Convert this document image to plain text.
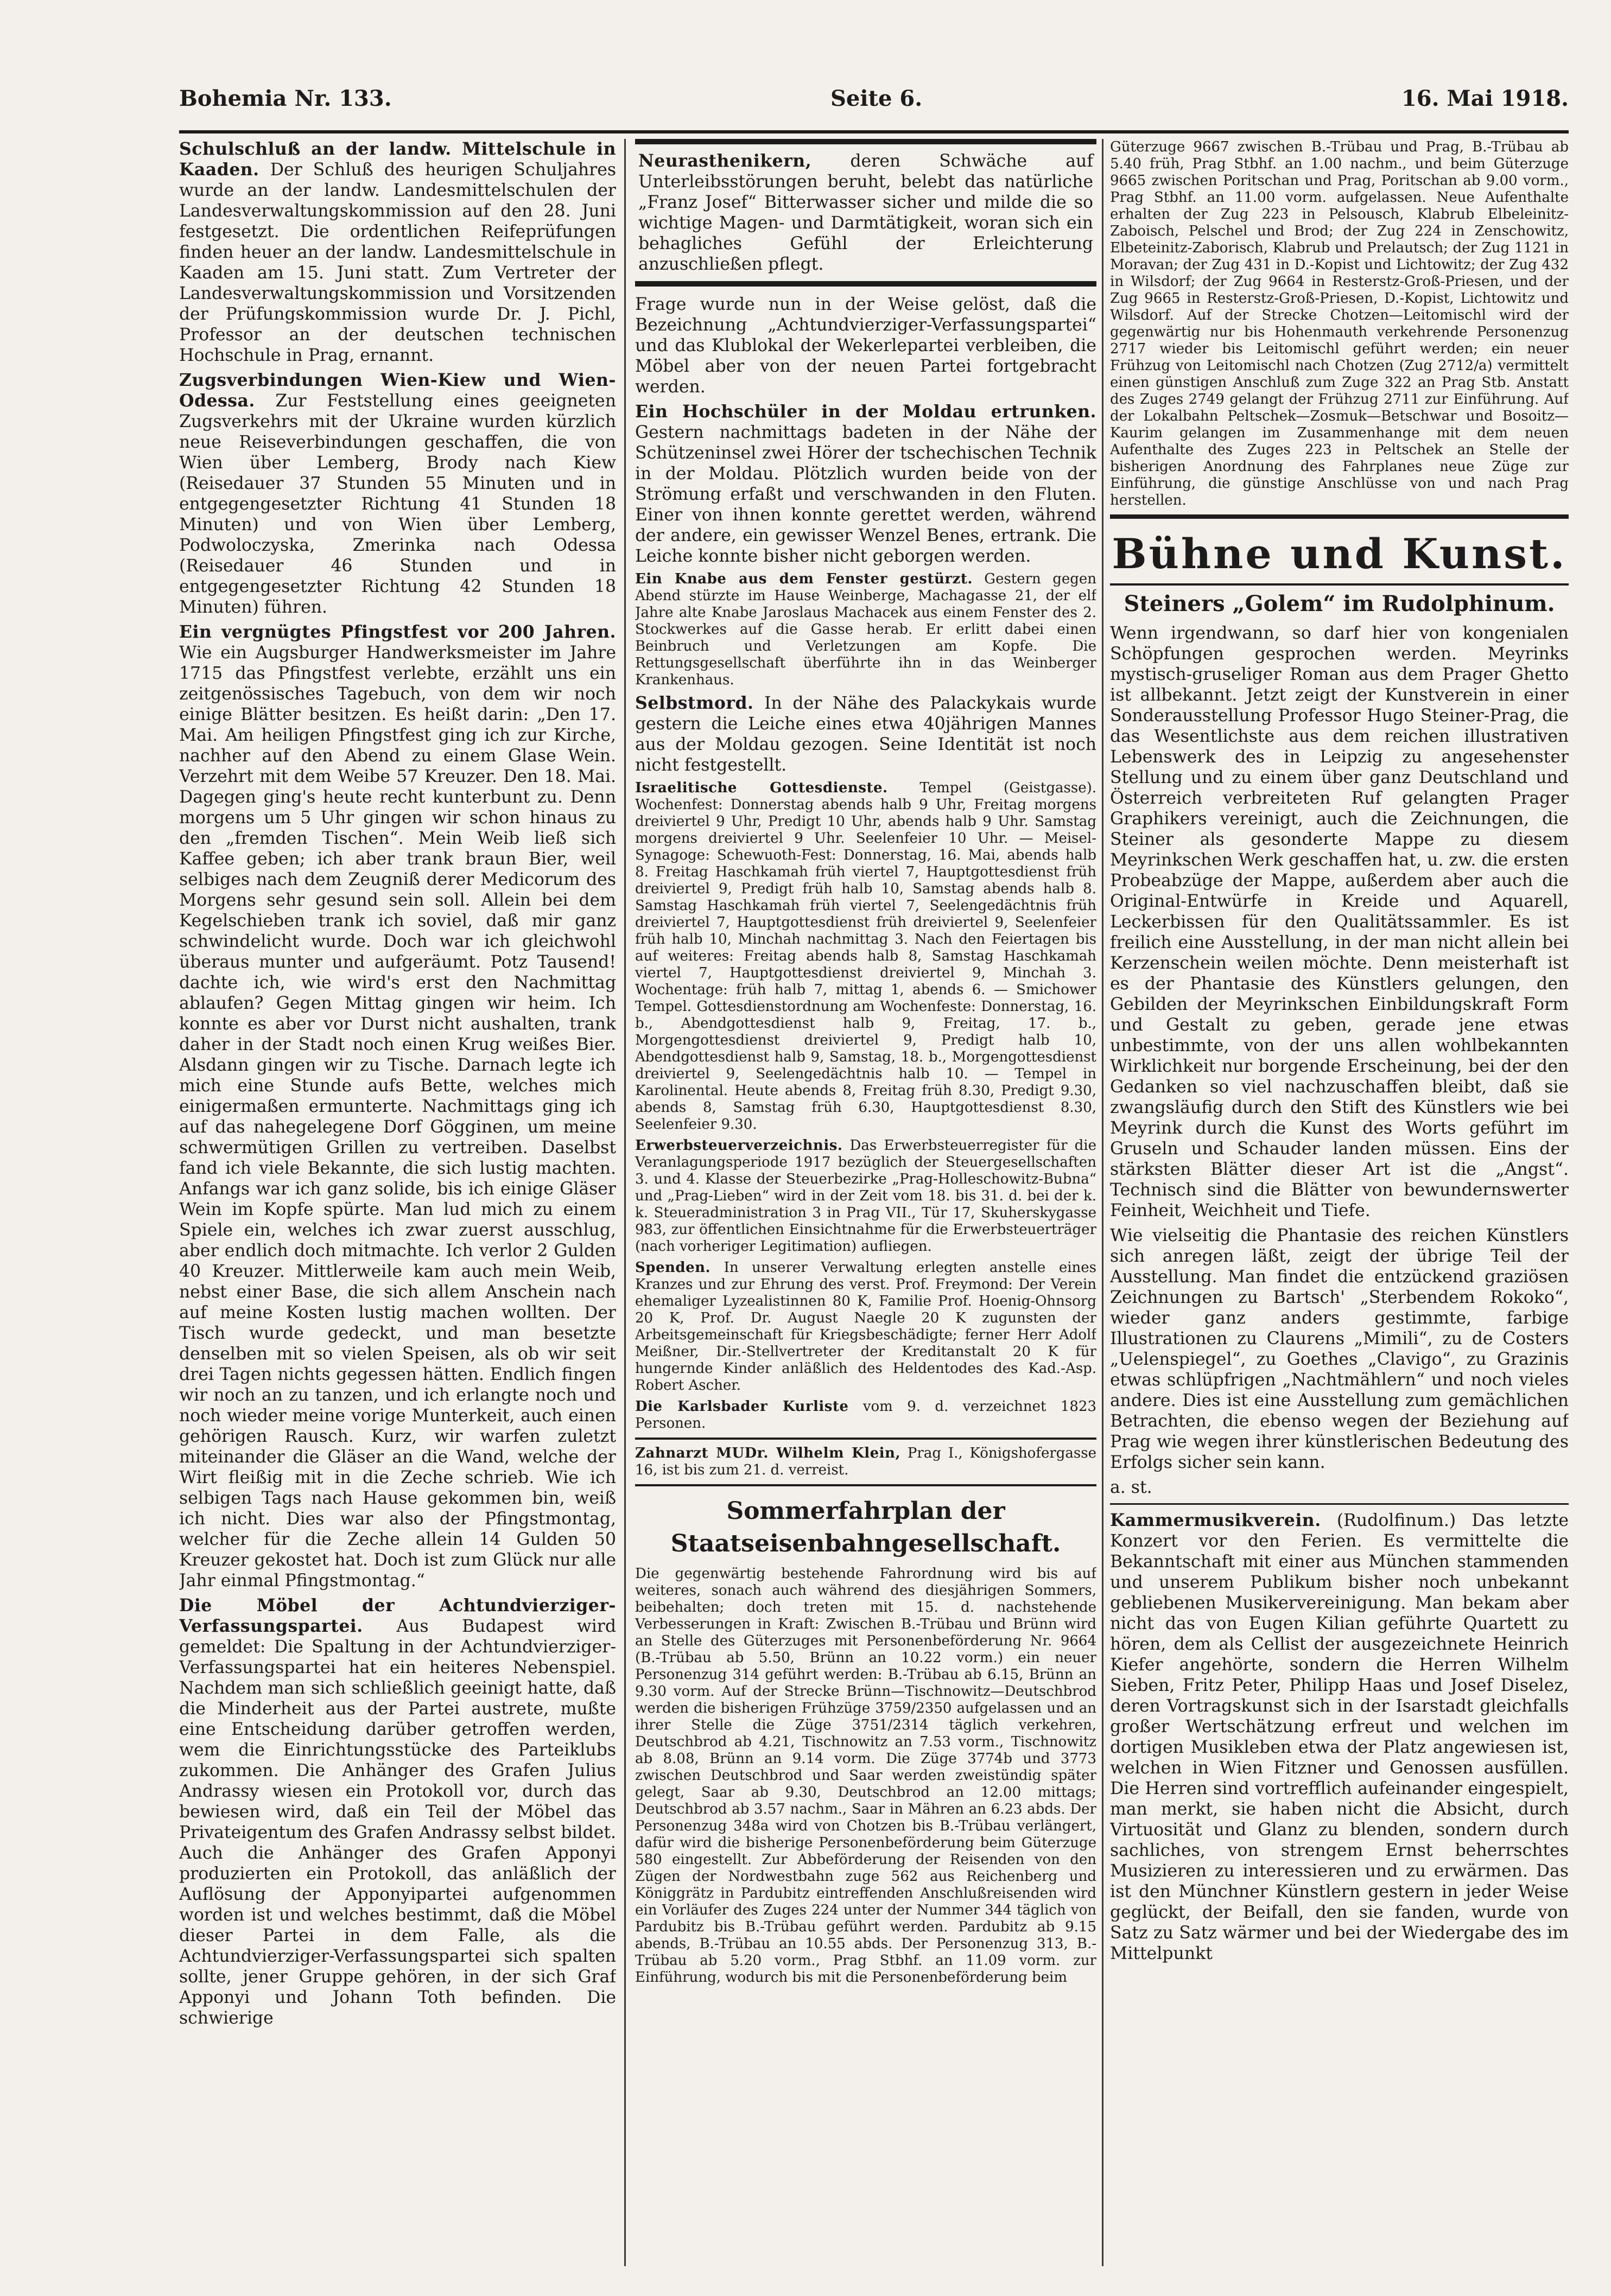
Bohemia Nr. 133.	Seite 6.	16. Mai 1918.

Schulschluß an der landw. Mittelschule in Kaaden. Der Schluß des heurigen Schuljahres wurde an der landw. Landesmittelschulen der Landesverwaltungskommission auf den 28. Juni festgesetzt. Die ordentlichen Reifeprüfungen finden heuer an der landw. Landesmittelschule in Kaaden am 15. Juni statt. Zum Vertreter der Landesverwaltungskommission und Vorsitzenden der Prüfungskommission wurde Dr. J. Pichl, Professor an der deutschen technischen Hochschule in Prag, ernannt.

Zugsverbindungen Wien-Kiew und Wien-Odessa. Zur Feststellung eines geeigneten Zugsverkehrs mit der Ukraine wurden kürzlich neue Reiseverbindungen geschaffen, die von Wien über Lemberg, Brody nach Kiew (Reisedauer 37 Stunden 55 Minuten und in entgegengesetzter Richtung 41 Stunden 18 Minuten) und von Wien über Lemberg, Podwoloczyska, Zmerinka nach Odessa (Reisedauer 46 Stunden und in entgegengesetzter Richtung 42 Stunden 18 Minuten) führen.

Ein vergnügtes Pfingstfest vor 200 Jahren. Wie ein Augsburger Handwerksmeister im Jahre 1715 das Pfingstfest verlebte, erzählt uns ein zeitgenössisches Tagebuch, von dem wir noch einige Blätter besitzen. Es heißt darin: „Den 17. Mai. Am heiligen Pfingstfest ging ich zur Kirche, nachher auf den Abend zu einem Glase Wein. Verzehrt mit dem Weibe 57 Kreuzer. Den 18. Mai. Dagegen ging's heute recht kunterbunt zu. Denn morgens um 5 Uhr gingen wir schon hinaus zu den „fremden Tischen“. Mein Weib ließ sich Kaffee geben; ich aber trank braun Bier, weil selbiges nach dem Zeugniß derer Medicorum des Morgens sehr gesund sein soll. Allein bei dem Kegelschieben trank ich soviel, daß mir ganz schwindelicht wurde. Doch war ich gleichwohl überaus munter und aufgeräumt. Potz Tausend! dachte ich, wie wird's erst den Nachmittag ablaufen? Gegen Mittag gingen wir heim. Ich konnte es aber vor Durst nicht aushalten, trank daher in der Stadt noch einen Krug weißes Bier. Alsdann gingen wir zu Tische. Darnach legte ich mich eine Stunde aufs Bette, welches mich einigermaßen ermunterte. Nachmittags ging ich auf das nahegelegene Dorf Gögginen, um meine schwermütigen Grillen zu vertreiben. Daselbst fand ich viele Bekannte, die sich lustig machten. Anfangs war ich ganz solide, bis ich einige Gläser Wein im Kopfe spürte. Man lud mich zu einem Spiele ein, welches ich zwar zuerst ausschlug, aber endlich doch mitmachte. Ich verlor 2 Gulden 40 Kreuzer. Mittlerweile kam auch mein Weib, nebst einer Base, die sich allem Anschein nach auf meine Kosten lustig machen wollten. Der Tisch wurde gedeckt, und man besetzte denselben mit so vielen Speisen, als ob wir seit drei Tagen nichts gegessen hätten. Endlich fingen wir noch an zu tanzen, und ich erlangte noch und noch wieder meine vorige Munterkeit, auch einen gehörigen Rausch. Kurz, wir warfen zuletzt miteinander die Gläser an die Wand, welche der Wirt fleißig mit in die Zeche schrieb. Wie ich selbigen Tags nach Hause gekommen bin, weiß ich nicht. Dies war also der Pfingstmontag, welcher für die Zeche allein 14 Gulden 50 Kreuzer gekostet hat. Doch ist zum Glück nur alle Jahr einmal Pfingstmontag.“

Die Möbel der Achtundvierziger-Verfassungspartei. Aus Budapest wird gemeldet: Die Spaltung in der Achtundvierziger-Verfassungspartei hat ein heiteres Nebenspiel. Nachdem man sich schließlich geeinigt hatte, daß die Minderheit aus der Partei austrete, mußte eine Entscheidung darüber getroffen werden, wem die Einrichtungsstücke des Parteiklubs zukommen. Die Anhänger des Grafen Julius Andrassy wiesen ein Protokoll vor, durch das bewiesen wird, daß ein Teil der Möbel das Privateigentum des Grafen Andrassy selbst bildet. Auch die Anhänger des Grafen Apponyi produzierten ein Protokoll, das anläßlich der Auflösung der Apponyipartei aufgenommen worden ist und welches bestimmt, daß die Möbel dieser Partei in dem Falle, als die Achtundvierziger-Verfassungspartei sich spalten sollte, jener Gruppe gehören, in der sich Graf Apponyi und Johann Toth befinden. Die schwierige

Neurasthenikern, deren Schwäche auf Unterleibsstörungen beruht, belebt das natürliche „Franz Josef“ Bitterwasser sicher und milde die so wichtige Magen- und Darmtätigkeit, woran sich ein behagliches Gefühl der Erleichterung anzuschließen pflegt.

Frage wurde nun in der Weise gelöst, daß die Bezeichnung „Achtundvierziger-Verfassungspartei“ und das Klublokal der Wekerlepartei verbleiben, die Möbel aber von der neuen Partei fortgebracht werden.

Ein Hochschüler in der Moldau ertrunken. Gestern nachmittags badeten in der Nähe der Schützeninsel zwei Hörer der tschechischen Technik in der Moldau. Plötzlich wurden beide von der Strömung erfaßt und verschwanden in den Fluten. Einer von ihnen konnte gerettet werden, während der andere, ein gewisser Wenzel Benes, ertrank. Die Leiche konnte bisher nicht geborgen werden.

Ein Knabe aus dem Fenster gestürzt. Gestern gegen Abend stürzte im Hause Weinberge, Machagasse 21, der elf Jahre alte Knabe Jaroslaus Machacek aus einem Fenster des 2. Stockwerkes auf die Gasse herab. Er erlitt dabei einen Beinbruch und Verletzungen am Kopfe. Die Rettungsgesellschaft überführte ihn in das Weinberger Krankenhaus.

Selbstmord. In der Nähe des Palackykais wurde gestern die Leiche eines etwa 40jährigen Mannes aus der Moldau gezogen. Seine Identität ist noch nicht festgestellt.

Israelitische Gottesdienste. Tempel (Geistgasse). Wochenfest: Donnerstag abends halb 9 Uhr, Freitag morgens dreiviertel 9 Uhr, Predigt 10 Uhr, abends halb 9 Uhr. Samstag morgens dreiviertel 9 Uhr. Seelenfeier 10 Uhr. — Meisel-Synagoge: Schewuoth-Fest: Donnerstag, 16. Mai, abends halb 8. Freitag Haschkamah früh viertel 7, Hauptgottesdienst früh dreiviertel 9, Predigt früh halb 10, Samstag abends halb 8. Samstag Haschkamah früh viertel 7, Seelengedächtnis früh dreiviertel 7, Hauptgottesdienst früh dreiviertel 9, Seelenfeier früh halb 10, Minchah nachmittag 3. Nach den Feiertagen bis auf weiteres: Freitag abends halb 8, Samstag Haschkamah viertel 7, Hauptgottesdienst dreiviertel 9, Minchah 3. Wochentage: früh halb 7, mittag 1, abends 6. — Smichower Tempel. Gottesdienstordnung am Wochenfeste: Donnerstag, 16. b., Abendgottesdienst halb 9, Freitag, 17. b., Morgengottesdienst dreiviertel 9, Predigt halb 10, Abendgottesdienst halb 9, Samstag, 18. b., Morgengottesdienst dreiviertel 9, Seelengedächtnis halb 10. — Tempel in Karolinental. Heute abends 8, Freitag früh 8.30, Predigt 9.30, abends 8, Samstag früh 6.30, Hauptgottesdienst 8.30, Seelenfeier 9.30.

Erwerbsteuerverzeichnis. Das Erwerbsteuerregister für die Veranlagungsperiode 1917 bezüglich der Steuergesellschaften 3. und 4. Klasse der Steuerbezirke „Prag-Holleschowitz-Bubna“ und „Prag-Lieben“ wird in der Zeit vom 18. bis 31. d. bei der k. k. Steueradministration 3 in Prag VII., Tür 17, Skuherskygasse 983, zur öffentlichen Einsichtnahme für die Erwerbsteuerträger (nach vorheriger Legitimation) aufliegen.

Spenden. In unserer Verwaltung erlegten anstelle eines Kranzes und zur Ehrung des verst. Prof. Freymond: Der Verein ehemaliger Lyzealistinnen 80 K, Familie Prof. Hoenig-Ohnsorg 20 K, Prof. Dr. August Naegle 20 K zugunsten der Arbeitsgemeinschaft für Kriegsbeschädigte; ferner Herr Adolf Meißner, Dir.-Stellvertreter der Kreditanstalt 20 K für hungernde Kinder anläßlich des Heldentodes des Kad.-Asp. Robert Ascher.

Die Karlsbader Kurliste vom 9. d. verzeichnet 1823 Personen.

Zahnarzt MUDr. Wilhelm Klein, Prag I., Königshofergasse 16, ist bis zum 21. d. verreist.

Sommerfahrplan der Staatseisenbahngesellschaft.

Die gegenwärtig bestehende Fahrordnung wird bis auf weiteres, sonach auch während des diesjährigen Sommers, beibehalten; doch treten mit 15. d. nachstehende Verbesserungen in Kraft: Zwischen B.-Trübau und Brünn wird an Stelle des Güterzuges mit Personenbeförderung Nr. 9664 (B.-Trübau ab 5.50, Brünn an 10.22 vorm.) ein neuer Personenzug 314 geführt werden: B.-Trübau ab 6.15, Brünn an 9.30 vorm. Auf der Strecke Brünn—Tischnowitz—Deutschbrod werden die bisherigen Frühzüge 3759/2350 aufgelassen und an ihrer Stelle die Züge 3751/2314 täglich verkehren, Deutschbrod ab 4.21, Tischnowitz an 7.53 vorm., Tischnowitz ab 8.08, Brünn an 9.14 vorm. Die Züge 3774b und 3773 zwischen Deutschbrod und Saar werden zweistündig später gelegt, Saar ab 9.30, Deutschbrod an 12.00 mittags; Deutschbrod ab 3.57 nachm., Saar in Mähren an 6.23 abds. Der Personenzug 348a wird von Chotzen bis B.-Trübau verlängert, dafür wird die bisherige Personenbeförderung beim Güterzuge 580 eingestellt. Zur Abbeförderung der Reisenden von den Zügen der Nordwestbahn zuge 562 aus Reichenberg und Königgrätz in Pardubitz eintreffenden Anschlußreisenden wird ein Vorläufer des Zuges 224 unter der Nummer 344 täglich von Pardubitz bis B.-Trübau geführt werden. Pardubitz ab 9.15 abends, B.-Trübau an 10.55 abds. Der Personenzug 313, B.-Trübau ab 5.20 vorm., Prag Stbhf. an 11.09 vorm. zur Einführung, wodurch bis mit die Personenbeförderung beim

Güterzuge 9667 zwischen B.-Trübau und Prag, B.-Trübau ab 5.40 früh, Prag Stbhf. an 1.00 nachm., und beim Güterzuge 9665 zwischen Poritschan und Prag, Poritschan ab 9.00 vorm., Prag Stbhf. an 11.00 vorm. aufgelassen. Neue Aufenthalte erhalten der Zug 223 in Pelsousch, Klabrub Elbeleinitz-Zaboisch, Pelschel und Brod; der Zug 224 in Zenschowitz, Elbeteinitz-Zaborisch, Klabrub und Prelautsch; der Zug 1121 in Moravan; der Zug 431 in D.-Kopist und Lichtowitz; der Zug 432 in Wilsdorf; der Zug 9664 in Resterstz-Groß-Priesen, und der Zug 9665 in Resterstz-Groß-Priesen, D.-Kopist, Lichtowitz und Wilsdorf. Auf der Strecke Chotzen—Leitomischl wird der gegenwärtig nur bis Hohenmauth verkehrende Personenzug 2717 wieder bis Leitomischl geführt werden; ein neuer Frühzug von Leitomischl nach Chotzen (Zug 2712/a) vermittelt einen günstigen Anschluß zum Zuge 322 an Prag Stb. Anstatt des Zuges 2749 gelangt der Frühzug 2711 zur Einführung. Auf der Lokalbahn Peltschek—Zosmuk—Betschwar und Bosoitz—Kaurim gelangen im Zusammenhange mit dem neuen Aufenthalte des Zuges 223 in Peltschek an Stelle der bisherigen Anordnung des Fahrplanes neue Züge zur Einführung, die günstige Anschlüsse von und nach Prag herstellen.

Bühne und Kunst.
Steiners „Golem“ im Rudolphinum.

Wenn irgendwann, so darf hier von kongenialen Schöpfungen gesprochen werden. Meyrinks mystisch-gruseliger Roman aus dem Prager Ghetto ist allbekannt. Jetzt zeigt der Kunstverein in einer Sonderausstellung Professor Hugo Steiner-Prag, die das Wesentlichste aus dem reichen illustrativen Lebenswerk des in Leipzig zu angesehenster Stellung und zu einem über ganz Deutschland und Österreich verbreiteten Ruf gelangten Prager Graphikers vereinigt, auch die Zeichnungen, die Steiner als gesonderte Mappe zu diesem Meyrinkschen Werk geschaffen hat, u. zw. die ersten Probeabzüge der Mappe, außerdem aber auch die Original-Entwürfe in Kreide und Aquarell, Leckerbissen für den Qualitätssammler. Es ist freilich eine Ausstellung, in der man nicht allein bei Kerzenschein weilen möchte. Denn meisterhaft ist es der Phantasie des Künstlers gelungen, den Gebilden der Meyrinkschen Einbildungskraft Form und Gestalt zu geben, gerade jene etwas unbestimmte, von der uns allen wohlbekannten Wirklichkeit nur borgende Erscheinung, bei der den Gedanken so viel nachzuschaffen bleibt, daß sie zwangsläufig durch den Stift des Künstlers wie bei Meyrink durch die Kunst des Worts geführt im Gruseln und Schauder landen müssen. Eins der stärksten Blätter dieser Art ist die „Angst“. Technisch sind die Blätter von bewundernswerter Feinheit, Weichheit und Tiefe.

Wie vielseitig die Phantasie des reichen Künstlers sich anregen läßt, zeigt der übrige Teil der Ausstellung. Man findet die entzückend graziösen Zeichnungen zu Bartsch' „Sterbendem Rokoko“, wieder ganz anders gestimmte, farbige Illustrationen zu Claurens „Mimili“, zu de Costers „Uelenspiegel“, zu Goethes „Clavigo“, zu Grazinis etwas schlüpfrigen „Nachtmählern“ und noch vieles andere. Dies ist eine Ausstellung zum gemächlichen Betrachten, die ebenso wegen der Beziehung auf Prag wie wegen ihrer künstlerischen Bedeutung des Erfolgs sicher sein kann.

a. st.

Kammermusikverein. (Rudolfinum.) Das letzte Konzert vor den Ferien. Es vermittelte die Bekanntschaft mit einer aus München stammenden und unserem Publikum bisher noch unbekannt gebliebenen Musikervereinigung. Man bekam aber nicht das von Eugen Kilian geführte Quartett zu hören, dem als Cellist der ausgezeichnete Heinrich Kiefer angehörte, sondern die Herren Wilhelm Sieben, Fritz Peter, Philipp Haas und Josef Diselez, deren Vortragskunst sich in der Isarstadt gleichfalls großer Wertschätzung erfreut und welchen im dortigen Musikleben etwa der Platz angewiesen ist, welchen in Wien Fitzner und Genossen ausfüllen. Die Herren sind vortrefflich aufeinander eingespielt, man merkt, sie haben nicht die Absicht, durch Virtuosität und Glanz zu blenden, sondern durch sachliches, von strengem Ernst beherrschtes Musizieren zu interessieren und zu erwärmen. Das ist den Münchner Künstlern gestern in jeder Weise geglückt, der Beifall, den sie fanden, wurde von Satz zu Satz wärmer und bei der Wiedergabe des im Mittelpunkt
